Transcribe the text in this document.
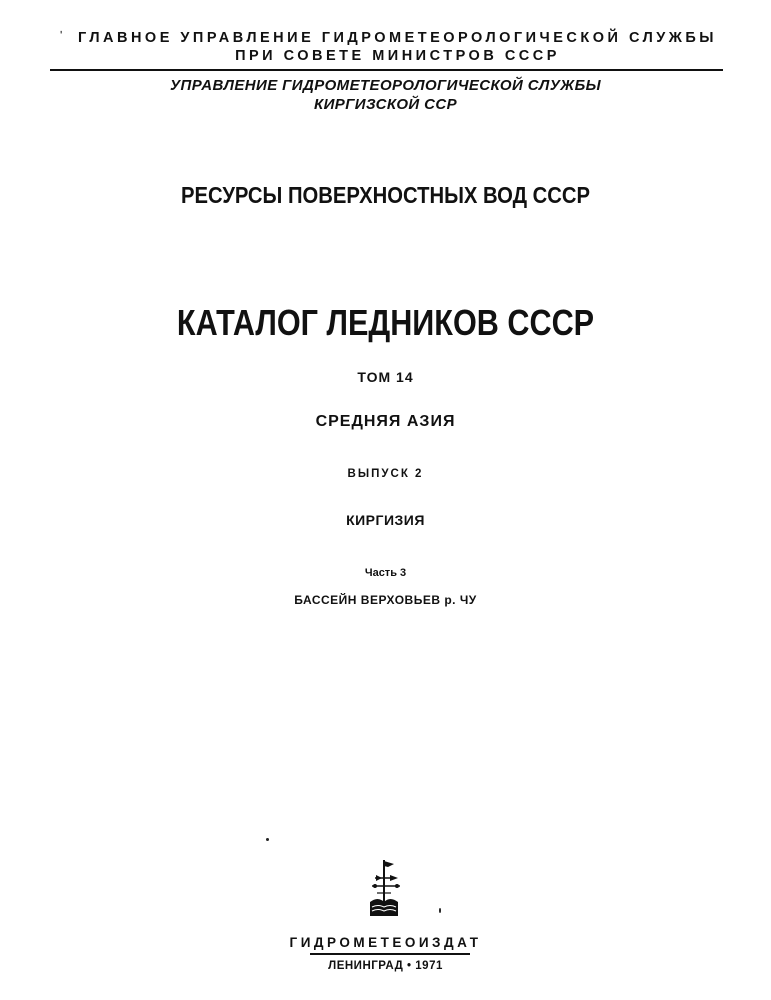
ʹ	ГЛАВНОЕ УПРАВЛЕНИЕ ГИДРОМЕТЕОРОЛОГИЧЕСКОЙ СЛУЖБЫ
ПРИ СОВЕТЕ МИНИСТРОВ СССР
УПРАВЛЕНИЕ ГИДРОМЕТЕОРОЛОГИЧЕСКОЙ СЛУЖБЫ
КИРГИЗСКОЙ ССР
РЕСУРСЫ ПОВЕРХНОСТНЫХ ВОД СССР
КАТАЛОГ ЛЕДНИКОВ СССР
ТОМ 14
СРЕДНЯЯ АЗИЯ
ВЫПУСК 2
КИРГИЗИЯ
Часть 3
БАССЕЙН ВЕРХОВЬЕВ р. ЧУ
ГИДРОМЕТЕОИЗДАТ
ЛЕНИНГРАД • 1971
